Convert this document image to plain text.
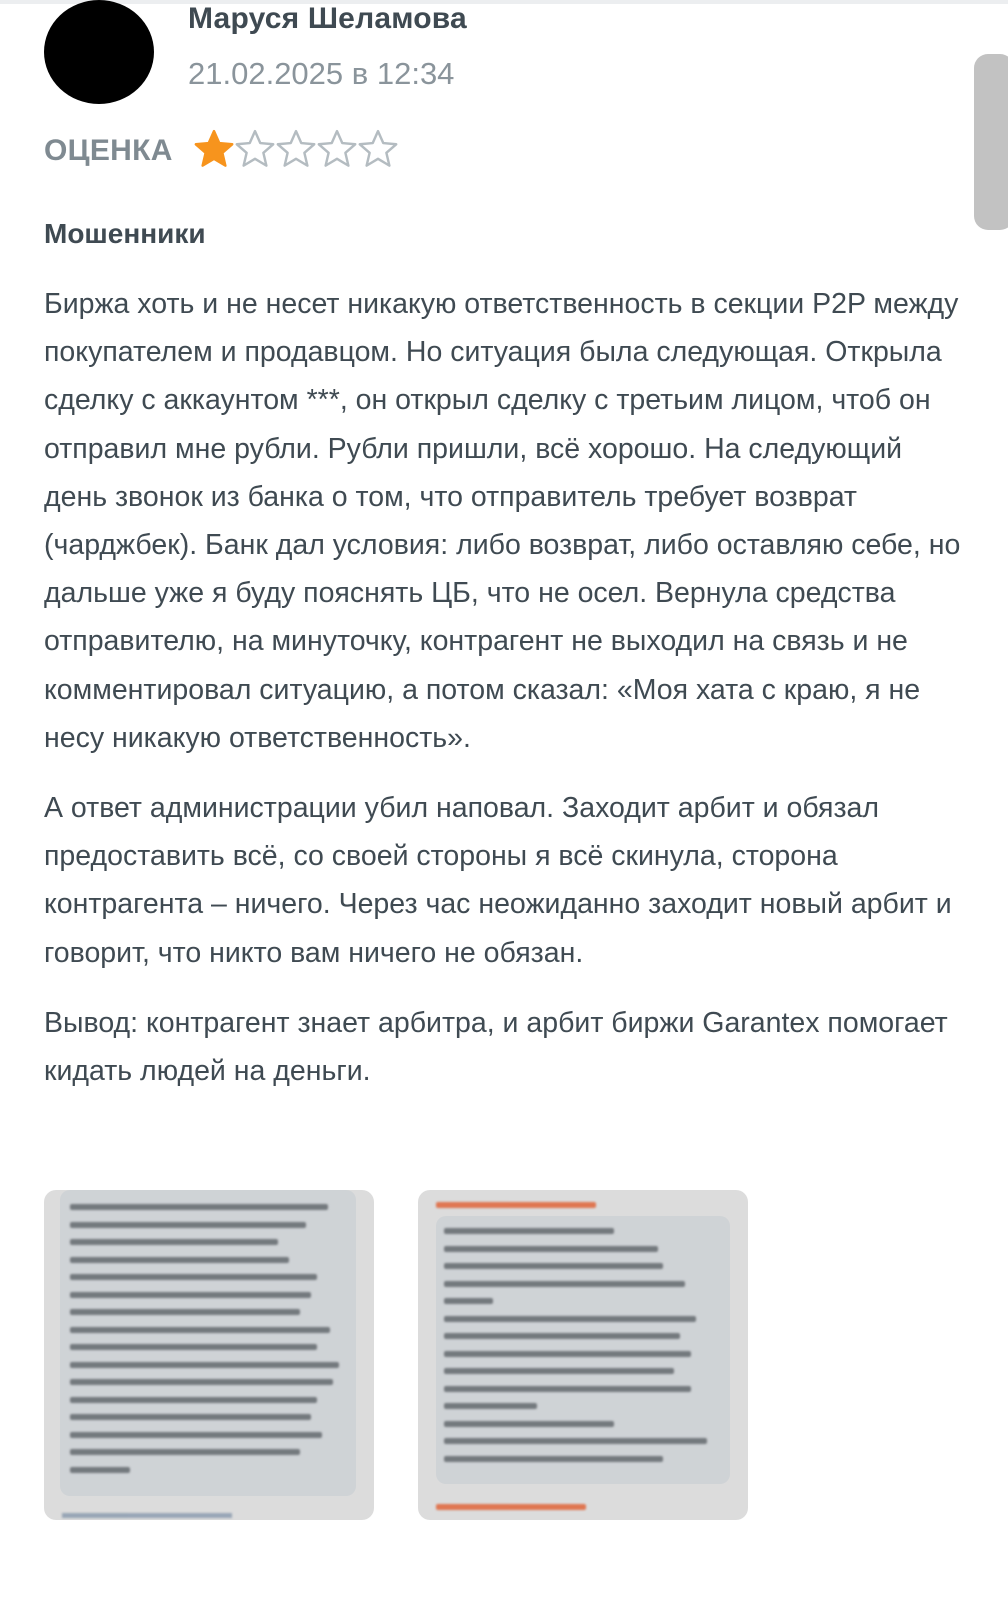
Маруся Шеламова
21.02.2025 в 12:34
ОЦЕНКА
Мошенники

Биржа хоть и не несет никакую ответственность в секции P2P между покупателем и продавцом. Но ситуация была следующая. Открыла сделку с аккаунтом ***, он открыл сделку с третьим лицом, чтоб он отправил мне рубли. Рубли пришли, всё хорошо. На следующий день звонок из банка о том, что отправитель требует возврат (чарджбек). Банк дал условия: либо возврат, либо оставляю себе, но дальше уже я буду пояснять ЦБ, что не осел. Вернула средства отправителю, на минуточку, контрагент не выходил на связь и не комментировал ситуацию, а потом сказал: «Моя хата с краю, я не несу никакую ответственность».

А ответ администрации убил наповал. Заходит арбит и обязал предоставить всё, со своей стороны я всё скинула, сторона контрагента – ничего. Через час неожиданно заходит новый арбит и говорит, что никто вам ничего не обязан.

Вывод: контрагент знает арбитра, и арбит биржи Garantex помогает кидать людей на деньги.
